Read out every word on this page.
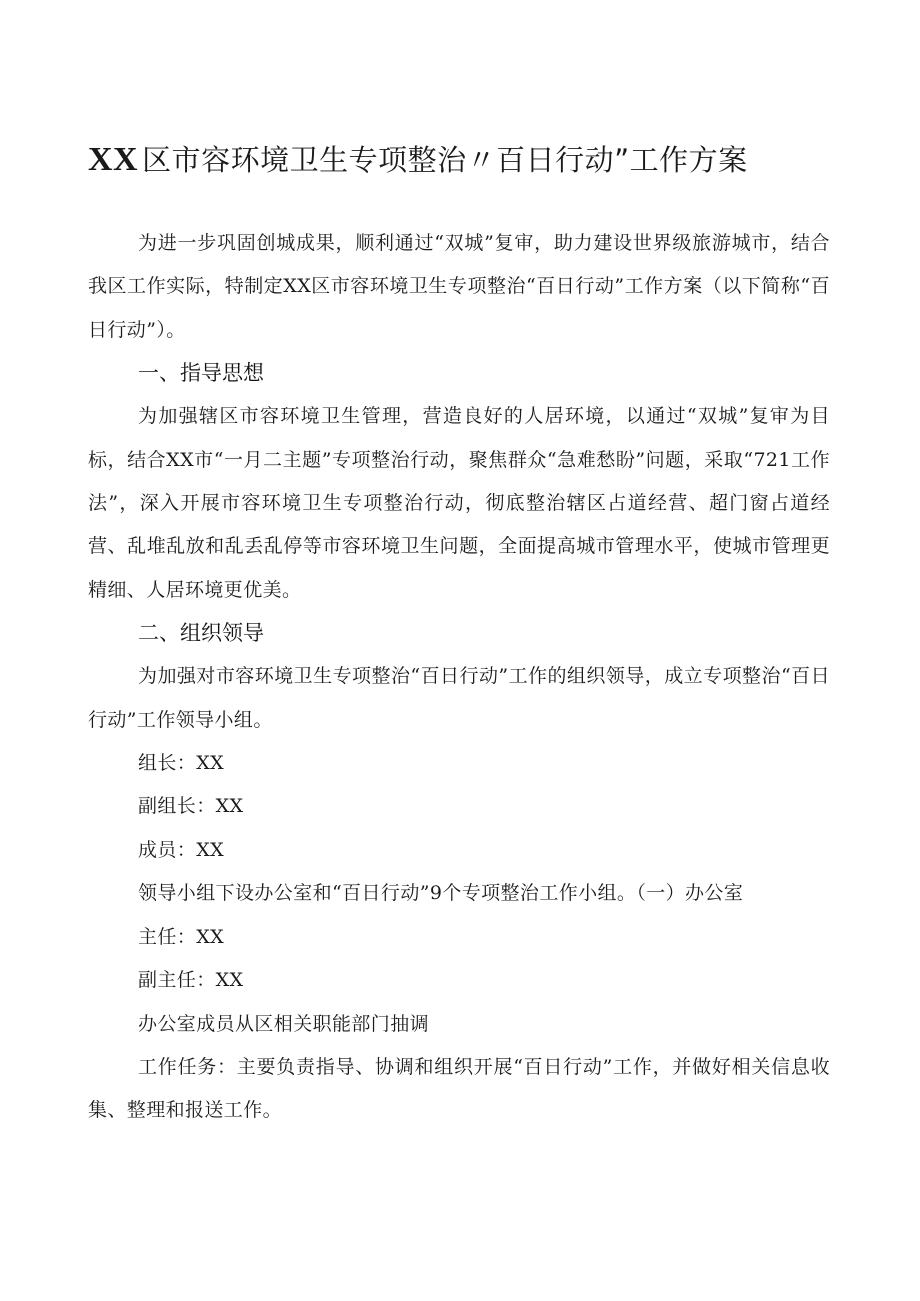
XX 区市容环境卫生专项整治〃百日行动”工作方案

为进一步巩固创城成果，顺利通过“双城”复审，助力建设世界级旅游城市，结合我区工作实际，特制定XX区市容环境卫生专项整治“百日行动”工作方案（以下简称“百日行动”）。

一、指导思想

为加强辖区市容环境卫生管理，营造良好的人居环境，以通过“双城”复审为目标，结合XX市“一月二主题”专项整治行动，聚焦群众“急难愁盼”问题，采取“721工作法”，深入开展市容环境卫生专项整治行动，彻底整治辖区占道经营、超门窗占道经营、乱堆乱放和乱丢乱停等市容环境卫生问题，全面提高城市管理水平，使城市管理更精细、人居环境更优美。

二、组织领导

为加强对市容环境卫生专项整治“百日行动”工作的组织领导，成立专项整治“百日行动”工作领导小组。

组长：XX

副组长：XX

成员：XX

领导小组下设办公室和“百日行动”9个专项整治工作小组。（一）办公室

主任：XX

副主任：XX

办公室成员从区相关职能部门抽调

工作任务：主要负责指导、协调和组织开展“百日行动”工作，并做好相关信息收集、整理和报送工作。
